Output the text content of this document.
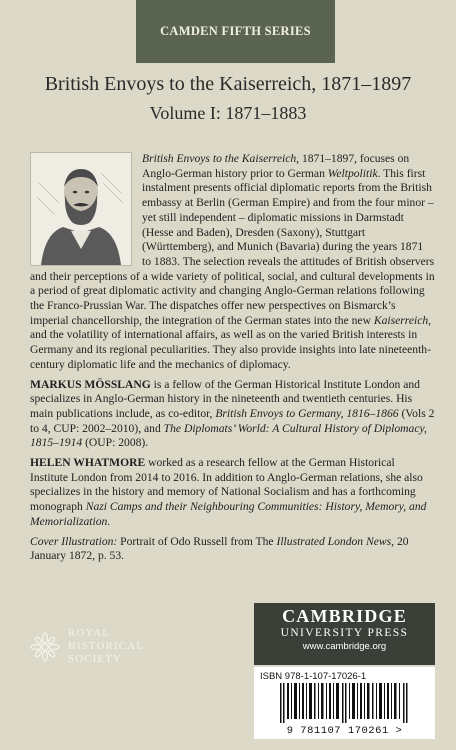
CAMDEN FIFTH SERIES
British Envoys to the Kaiserreich, 1871–1897
Volume I: 1871–1883

British Envoys to the Kaiserreich, 1871–1897, focuses on Anglo-German history prior to German Weltpolitik. This first instalment presents official diplomatic reports from the British embassy at Berlin (German Empire) and from the four minor – yet still independent – diplomatic missions in Darmstadt (Hesse and Baden), Dresden (Saxony), Stuttgart (Württemberg), and Munich (Bavaria) during the years 1871 to 1883. The selection reveals the attitudes of British observers and their perceptions of a wide variety of political, social, and cultural developments in a period of great diplomatic activity and changing Anglo-German relations following the Franco-Prussian War. The dispatches offer new perspectives on Bismarck’s imperial chancellorship, the integration of the German states into the new Kaiserreich, and the volatility of international affairs, as well as on the varied British interests in Germany and its regional peculiarities. They also provide insights into late nineteenth-century diplomatic life and the mechanics of diplomacy.

MARKUS MÖSSLANG is a fellow of the German Historical Institute London and specializes in Anglo-German history in the nineteenth and twentieth centuries. His main publications include, as co-editor, British Envoys to Germany, 1816–1866 (Vols 2 to 4, CUP: 2002–2010), and The Diplomats’ World: A Cultural History of Diplomacy, 1815–1914 (OUP: 2008).

HELEN WHATMORE worked as a research fellow at the German Historical Institute London from 2014 to 2016. In addition to Anglo-German relations, she also specializes in the history and memory of National Socialism and has a forthcoming monograph Nazi Camps and their Neighbouring Communities: History, Memory, and Memorialization.

Cover Illustration: Portrait of Odo Russell from The Illustrated London News, 20 January 1872, p. 53.

ROYAL
HISTORICAL
SOCIETY
CAMBRIDGE
UNIVERSITY PRESS
www.cambridge.org
ISBN 978-1-107-17026-1
9 781107 170261 >
